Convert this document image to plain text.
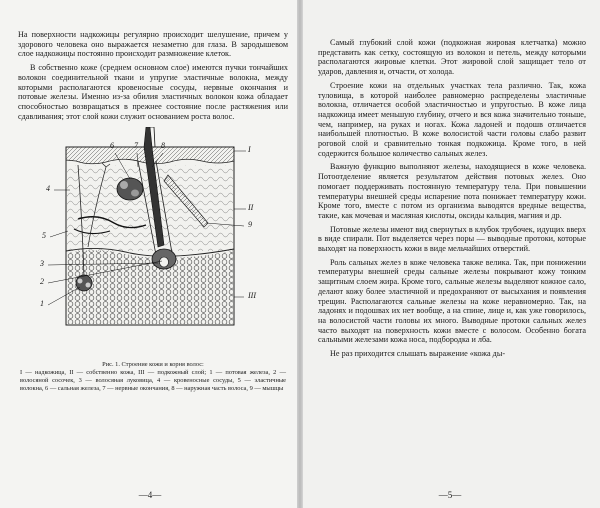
На поверхности надкожицы регулярно происходит шелушение, причем у здорового человека оно выражается незаметно для глаза. В зародышевом слое надкожицы постоянно происходит размножение клеток.

В собственно коже (среднем основном слое) имеются пучки тончайших волокон соединительной ткани и упругие эластичные волокна, между которыми располагаются кровеносные сосуды, нервные окончания и потовые железы. Именно из-за обилия эластичных волокон кожа обладает способностью возвращаться в прежнее состояние после растяжения или сдавливания; этот слой кожи служит основанием роста волос.

6	7	8
4
5
3
2
1
I
9
II
III
Рис. 1. Строение кожи и корня волос:
I — надкожица, II — собственно кожа, III — подкожный слой; 1 — потовая железа, 2 — волосяной сосочек, 3 — волосяная луковица, 4 — кровеносные сосуды, 5 — эластичные волокна, 6 — сальная железа, 7 — нервные окончания, 8 — наружная часть волоса, 9 — мышцы
—4—

Самый глубокий слой кожи (подкожная жировая клетчатка) можно представить как сетку, состоящую из волокон и петель, между которыми располагаются жировые клетки. Этот жировой слой защищает тело от ударов, давления и, отчасти, от холода.

Строение кожи на отдельных участках тела различно. Так, кожа туловища, в которой наиболее равномерно распределены эластичные волокна, отличается особой эластичностью и упругостью. В коже лица надкожица имеет меньшую глубину, отчего и вся кожа значительно тоньше, чем, например, на руках и ногах. Кожа ладоней и подошв отличается наибольшей плотностью. В коже волосистой части головы слабо развит роговой слой и сравнительно тонкая подкожица. Кроме того, в ней содержится большое количество сальных желез.

Важную функцию выполняют железы, находящиеся в коже человека. Потоотделение является результатом действия потовых желез. Оно помогает поддерживать постоянную температуру тела. При повышении температуры внешней среды испарение пота понижает температуру кожи. Кроме того, вместе с потом из организма выводятся вредные вещества, такие, как мочевая и масляная кислоты, оксиды кальция, магния и др.

Потовые железы имеют вид свернутых в клубок трубочек, идущих вверх в виде спирали. Пот выделяется через поры — выводные протоки, которые выходят на поверхность кожи в виде мельчайших отверстий.

Роль сальных желез в коже человека также велика. Так, при понижении температуры внешней среды сальные железы покрывают кожу тонким защитным слоем жира. Кроме того, сальные железы выделяют кожное сало, делают кожу более эластичной и предохраняют от высыхания и появления трещин. Располагаются сальные железы на коже неравномерно. Так, на ладонях и подошвах их нет вообще, а на спине, лице и, как уже говорилось, на волосистой части головы их много. Выводные протоки сальных желез часто выходят на поверхность кожи вместе с волосом. Особенно богата сальными железами кожа носа, подбородка и лба.

Не раз приходится слышать выражение «кожа ды-

—5—
